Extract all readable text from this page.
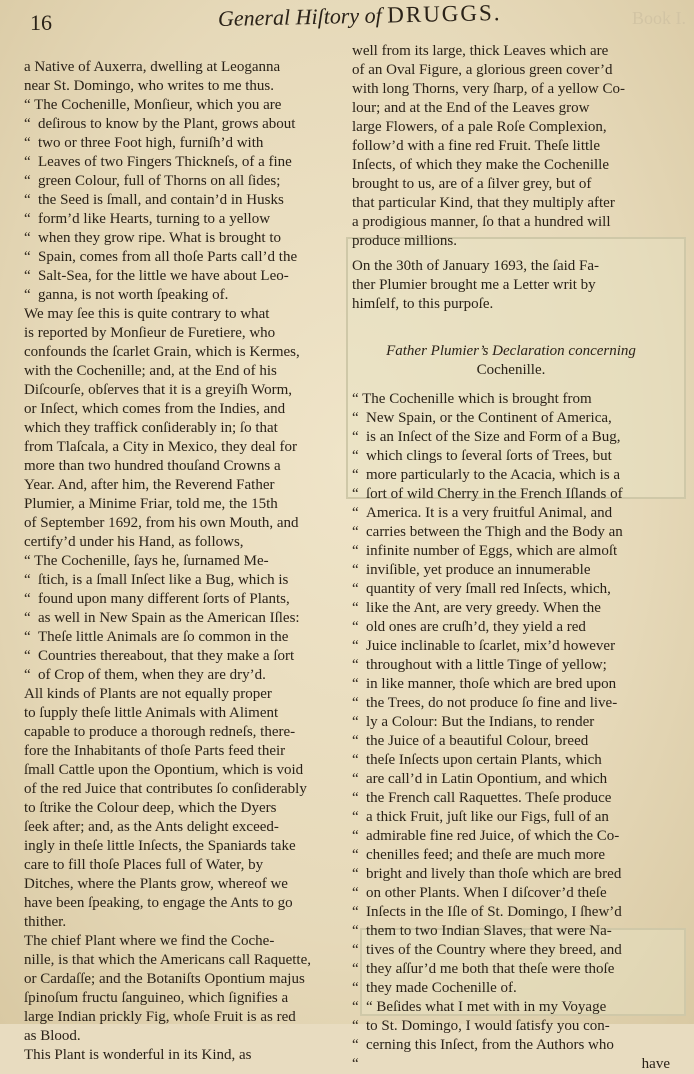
16	General Hiſtory of DRUGGS.	Book I.
a Native of Auxerra, dwelling at Leoganna
near St. Domingo, who writes to me thus.
“ The Cochenille, Monſieur, which you are
“ deſirous to know by the Plant, grows about
“ two or three Foot high, furniſh’d with
“ Leaves of two Fingers Thickneſs, of a fine
“ green Colour, full of Thorns on all ſides;
“ the Seed is ſmall, and contain’d in Husks
“ form’d like Hearts, turning to a yellow
“ when they grow ripe. What is brought to
“ Spain, comes from all thoſe Parts call’d the
“ Salt-Sea, for the little we have about Leo-
“ ganna, is not worth ſpeaking of.
We may ſee this is quite contrary to what
is reported by Monſieur de Furetiere, who
confounds the ſcarlet Grain, which is Kermes,
with the Cochenille; and, at the End of his
Diſcourſe, obſerves that it is a greyiſh Worm,
or Inſect, which comes from the Indies, and
which they traffick conſiderably in; ſo that
from Tlaſcala, a City in Mexico, they deal for
more than two hundred thouſand Crowns a
Year. And, after him, the Reverend Father
Plumier, a Minime Friar, told me, the 15th
of September 1692, from his own Mouth, and
certify’d under his Hand, as follows,
“ The Cochenille, ſays he, ſurnamed Me-
“ ſtich, is a ſmall Inſect like a Bug, which is
“ found upon many different ſorts of Plants,
“ as well in New Spain as the American Iſles:
“ Theſe little Animals are ſo common in the
“ Countries thereabout, that they make a ſort
“ of Crop of them, when they are dry’d.
All kinds of Plants are not equally proper
to ſupply theſe little Animals with Aliment
capable to produce a thorough redneſs, there-
fore the Inhabitants of thoſe Parts feed their
ſmall Cattle upon the Opontium, which is void
of the red Juice that contributes ſo conſiderably
to ſtrike the Colour deep, which the Dyers
ſeek after; and, as the Ants delight exceed-
ingly in theſe little Inſects, the Spaniards take
care to fill thoſe Places full of Water, by
Ditches, where the Plants grow, whereof we
have been ſpeaking, to engage the Ants to go
thither.
The chief Plant where we find the Coche-
nille, is that which the Americans call Raquette,
or Cardaſſe; and the Botaniſts Opontium majus
ſpinoſum fructu ſanguineo, which ſignifies a
large Indian prickly Fig, whoſe Fruit is as red
as Blood.
This Plant is wonderful in its Kind, as
well from its large, thick Leaves which are
of an Oval Figure, a glorious green cover’d
with long Thorns, very ſharp, of a yellow Co-
lour; and at the End of the Leaves grow
large Flowers, of a pale Roſe Complexion,
follow’d with a fine red Fruit. Theſe little
Inſects, of which they make the Cochenille
brought to us, are of a ſilver grey, but of
that particular Kind, that they multiply after
a prodigious manner, ſo that a hundred will
produce millions.
On the 30th of January 1693, the ſaid Fa-
ther Plumier brought me a Letter writ by
himſelf, to this purpoſe.
Father Plumier’s Declaration concerning
Cochenille.
“ The Cochenille which is brought from
“ New Spain, or the Continent of America,
“ is an Inſect of the Size and Form of a Bug,
“ which clings to ſeveral ſorts of Trees, but
“ more particularly to the Acacia, which is a
“ ſort of wild Cherry in the French Iſlands of
“ America. It is a very fruitful Animal, and
“ carries between the Thigh and the Body an
“ infinite number of Eggs, which are almoſt
“ inviſible, yet produce an innumerable
“ quantity of very ſmall red Inſects, which,
“ like the Ant, are very greedy. When the
“ old ones are cruſh’d, they yield a red
“ Juice inclinable to ſcarlet, mix’d however
“ throughout with a little Tinge of yellow;
“ in like manner, thoſe which are bred upon
“ the Trees, do not produce ſo fine and live-
“ ly a Colour: But the Indians, to render
“ the Juice of a beautiful Colour, breed
“ theſe Inſects upon certain Plants, which
“ are call’d in Latin Opontium, and which
“ the French call Raquettes. Theſe produce
“ a thick Fruit, juſt like our Figs, full of an
“ admirable fine red Juice, of which the Co-
“ chenilles feed; and theſe are much more
“ bright and lively than thoſe which are bred
“ on other Plants. When I diſcover’d theſe
“ Inſects in the Iſle of St. Domingo, I ſhew’d
“ them to two Indian Slaves, that were Na-
“ tives of the Country where they breed, and
“ they aſſur’d me both that theſe were thoſe
“ they made Cochenille of.
“ “ Beſides what I met with in my Voyage
“ to St. Domingo, I would ſatisfy you con-
“ cerning this Inſect, from the Authors who
“	have
